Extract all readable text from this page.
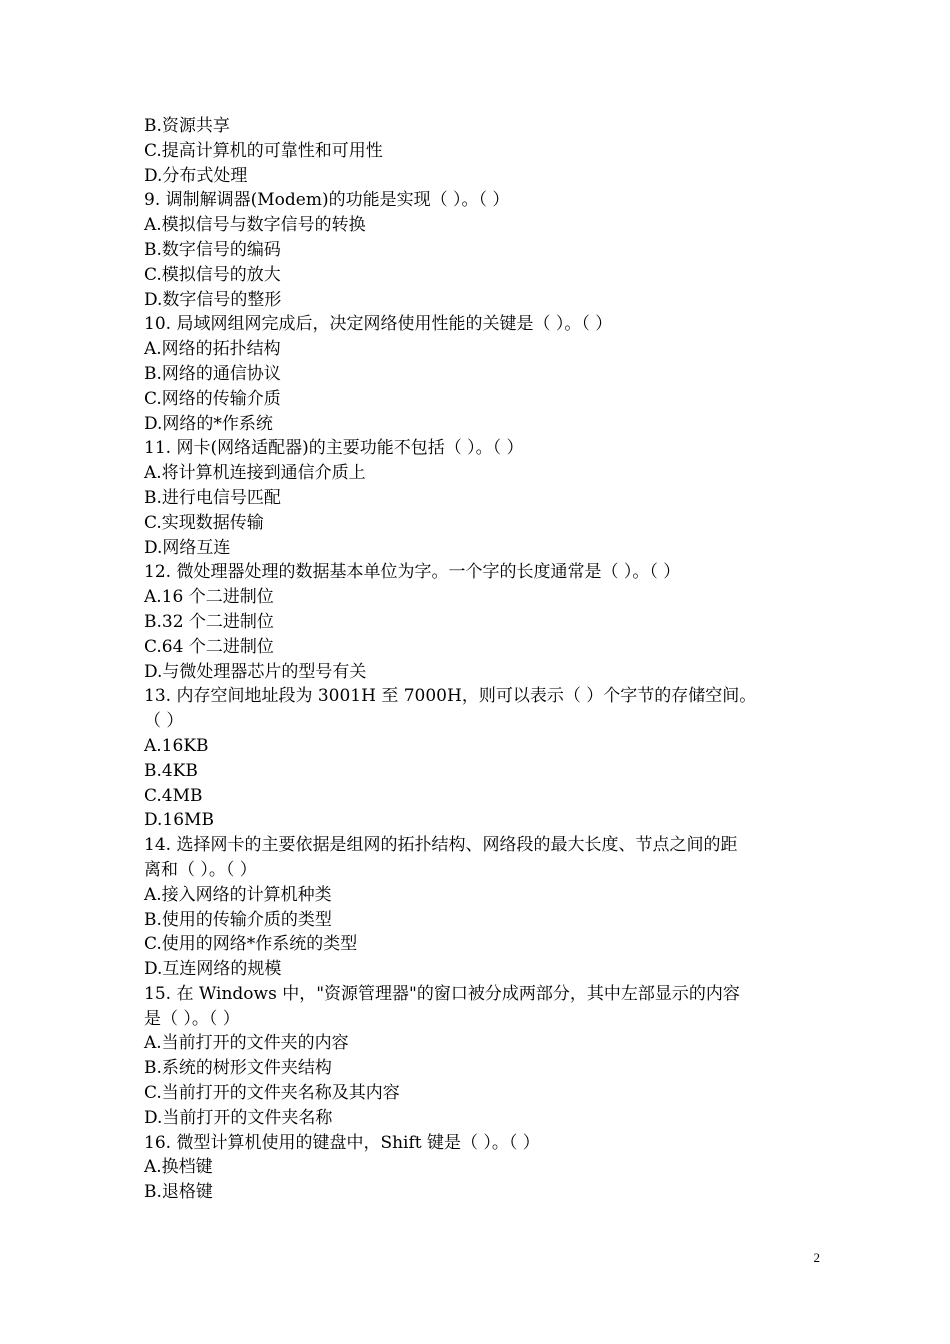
B.资源共享
C.提高计算机的可靠性和可用性
D.分布式处理
9. 调制解调器(Modem)的功能是实现（ ）。（ ）
A.模拟信号与数字信号的转换
B.数字信号的编码
C.模拟信号的放大
D.数字信号的整形
10. 局域网组网完成后，决定网络使用性能的关键是（ ）。（ ）
A.网络的拓扑结构
B.网络的通信协议
C.网络的传输介质
D.网络的*作系统
11. 网卡(网络适配器)的主要功能不包括（ ）。（ ）
A.将计算机连接到通信介质上
B.进行电信号匹配
C.实现数据传输
D.网络互连
12. 微处理器处理的数据基本单位为字。一个字的长度通常是（ ）。（ ）
A.16 个二进制位
B.32 个二进制位
C.64 个二进制位
D.与微处理器芯片的型号有关
13. 内存空间地址段为 3001H 至 7000H，则可以表示（ ）个字节的存储空间。
（ ）
A.16KB
B.4KB
C.4MB
D.16MB
14. 选择网卡的主要依据是组网的拓扑结构、网络段的最大长度、节点之间的距
离和（ ）。（ ）
A.接入网络的计算机种类
B.使用的传输介质的类型
C.使用的网络*作系统的类型
D.互连网络的规模
15. 在 Windows 中，"资源管理器"的窗口被分成两部分，其中左部显示的内容
是（ ）。（ ）
A.当前打开的文件夹的内容
B.系统的树形文件夹结构
C.当前打开的文件夹名称及其内容
D.当前打开的文件夹名称
16. 微型计算机使用的键盘中，Shift 键是（ ）。（ ）
A.换档键
B.退格键
2
